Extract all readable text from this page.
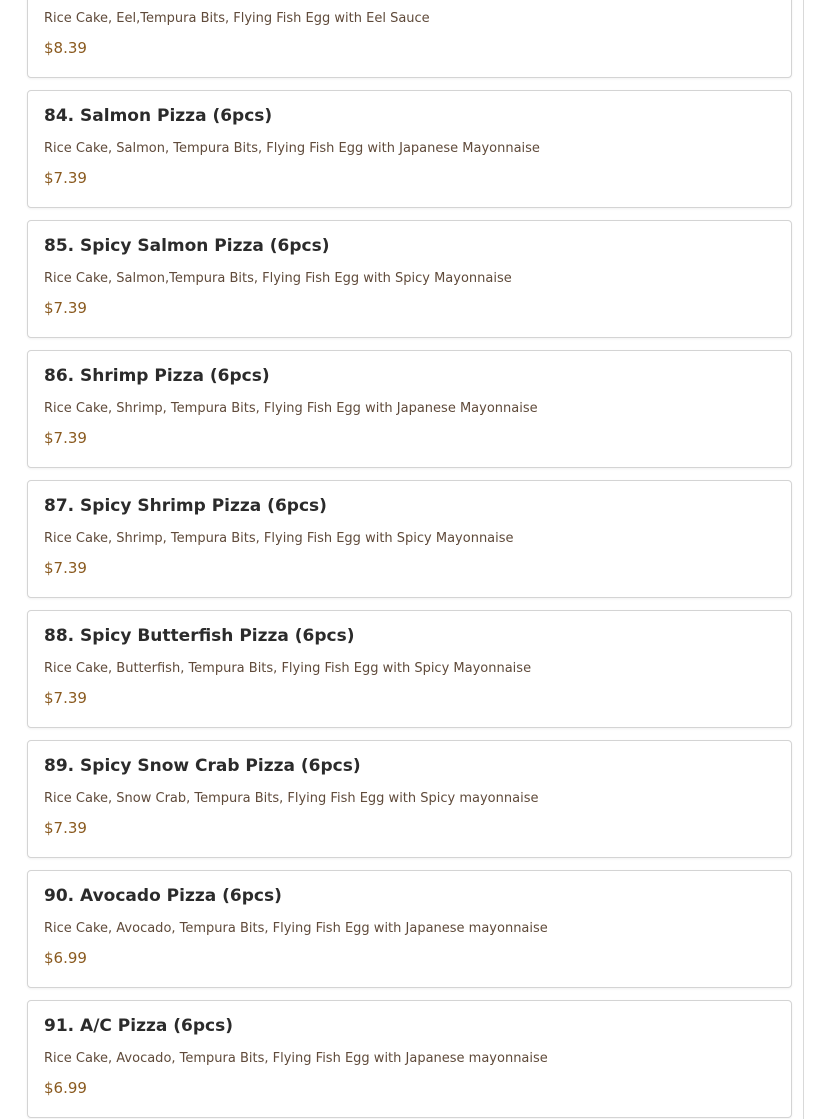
Rice Cake, Eel,Tempura Bits, Flying Fish Egg with Eel Sauce

$8.39

84. Salmon Pizza (6pcs)

Rice Cake, Salmon, Tempura Bits, Flying Fish Egg with Japanese Mayonnaise

$7.39

85. Spicy Salmon Pizza (6pcs)

Rice Cake, Salmon,Tempura Bits, Flying Fish Egg with Spicy Mayonnaise

$7.39

86. Shrimp Pizza (6pcs)

Rice Cake, Shrimp, Tempura Bits, Flying Fish Egg with Japanese Mayonnaise

$7.39

87. Spicy Shrimp Pizza (6pcs)

Rice Cake, Shrimp, Tempura Bits, Flying Fish Egg with Spicy Mayonnaise

$7.39

88. Spicy Butterfish Pizza (6pcs)

Rice Cake, Butterfish, Tempura Bits, Flying Fish Egg with Spicy Mayonnaise

$7.39

89. Spicy Snow Crab Pizza (6pcs)

Rice Cake, Snow Crab, Tempura Bits, Flying Fish Egg with Spicy mayonnaise

$7.39

90. Avocado Pizza (6pcs)

Rice Cake, Avocado, Tempura Bits, Flying Fish Egg with Japanese mayonnaise

$6.99

91. A/C Pizza (6pcs)

Rice Cake, Avocado, Tempura Bits, Flying Fish Egg with Japanese mayonnaise

$6.99
